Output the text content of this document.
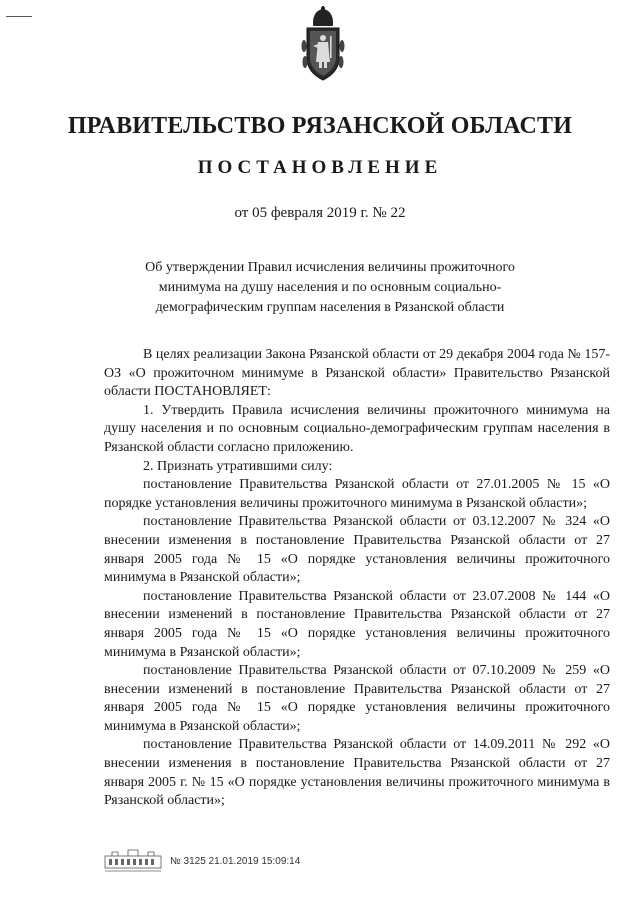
ПРАВИТЕЛЬСТВО РЯЗАНСКОЙ ОБЛАСТИ
ПОСТАНОВЛЕНИЕ
от 05 февраля 2019 г. № 22
Об утверждении Правил исчисления величины прожиточного
минимума на душу населения и по основным социально-
демографическим группам населения в Рязанской области

В целях реализации Закона Рязанской области от 29 декабря 2004 года № 157-ОЗ «О прожиточном минимуме в Рязанской области» Правительство Рязанской области ПОСТАНОВЛЯЕТ:

1. Утвердить Правила исчисления величины прожиточного минимума на душу населения и по основным социально-демографическим группам населения в Рязанской области согласно приложению.

2. Признать утратившими силу:

постановление Правительства Рязанской области от 27.01.2005 № 15 «О порядке установления величины прожиточного минимума в Рязанской области»;

постановление Правительства Рязанской области от 03.12.2007 № 324 «О внесении изменения в постановление Правительства Рязанской области от 27 января 2005 года № 15 «О порядке установления величины прожиточного минимума в Рязанской области»;

постановление Правительства Рязанской области от 23.07.2008 № 144 «О внесении изменений в постановление Правительства Рязанской области от 27 января 2005 года № 15 «О порядке установления величины прожиточного минимума в Рязанской области»;

постановление Правительства Рязанской области от 07.10.2009 № 259 «О внесении изменений в постановление Правительства Рязанской области от 27 января 2005 года № 15 «О порядке установления величины прожиточного минимума в Рязанской области»;

постановление Правительства Рязанской области от 14.09.2011 № 292 «О внесении изменения в постановление Правительства Рязанской области от 27 января 2005 г. № 15 «О порядке установления величины прожиточного минимума в Рязанской области»;

№ 3125 21.01.2019 15:09:14
